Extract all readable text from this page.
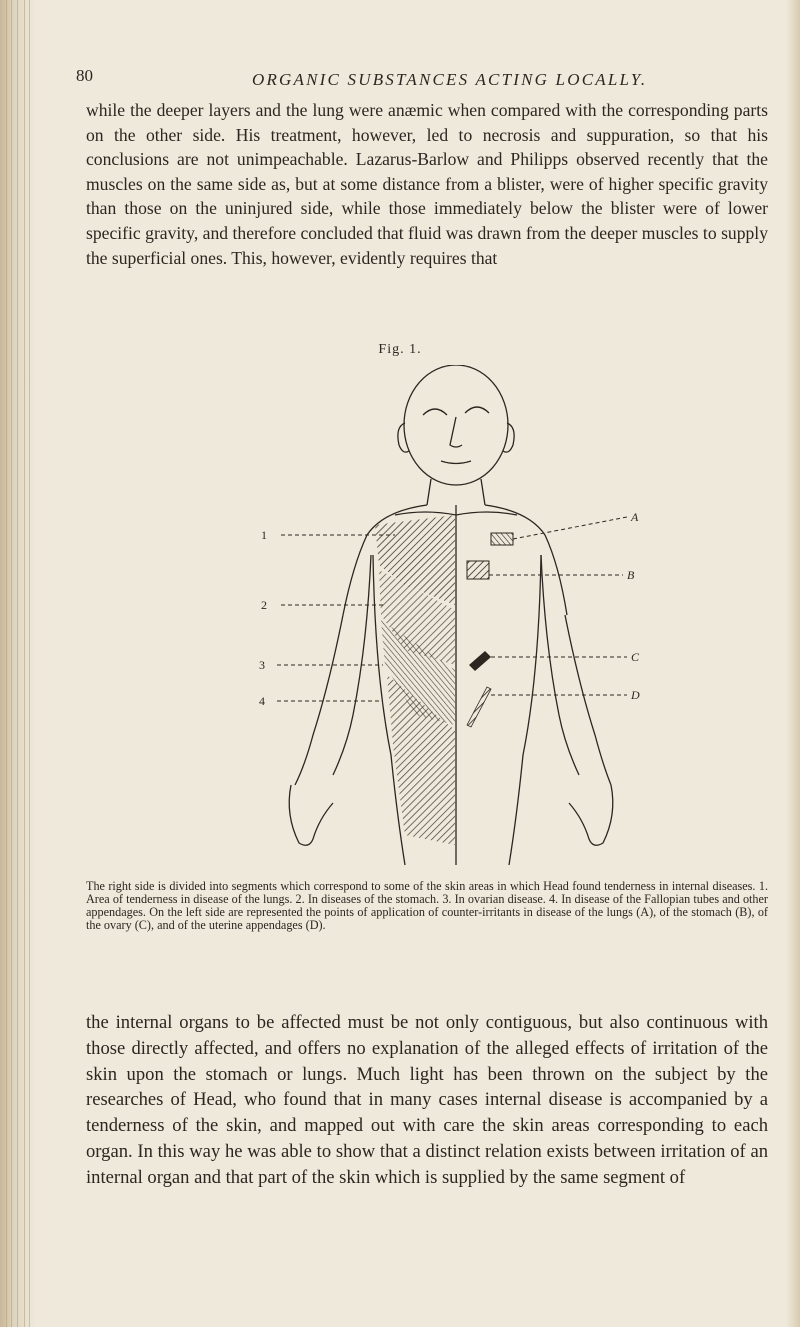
80	ORGANIC SUBSTANCES ACTING LOCALLY.

while the deeper layers and the lung were anæmic when compared with the corresponding parts on the other side. His treatment, however, led to necrosis and suppuration, so that his conclusions are not unimpeachable. Lazarus-Barlow and Philipps observed recently that the muscles on the same side as, but at some distance from a blister, were of higher specific gravity than those on the uninjured side, while those immediately below the blister were of lower specific gravity, and therefore concluded that fluid was drawn from the deeper muscles to supply the superficial ones. This, however, evidently requires that

Fig. 1.
1
2
3
4
A
B
C
D

The right side is divided into segments which correspond to some of the skin areas in which Head found tenderness in internal diseases. 1. Area of tenderness in disease of the lungs. 2. In diseases of the stomach. 3. In ovarian disease. 4. In disease of the Fallopian tubes and other appendages. On the left side are represented the points of application of counter-irritants in disease of the lungs (A), of the stomach (B), of the ovary (C), and of the uterine appendages (D).

the internal organs to be affected must be not only contiguous, but also continuous with those directly affected, and offers no explanation of the alleged effects of irritation of the skin upon the stomach or lungs. Much light has been thrown on the subject by the researches of Head, who found that in many cases internal disease is accompanied by a tenderness of the skin, and mapped out with care the skin areas corresponding to each organ. In this way he was able to show that a distinct relation exists between irritation of an internal organ and that part of the skin which is supplied by the same segment of
